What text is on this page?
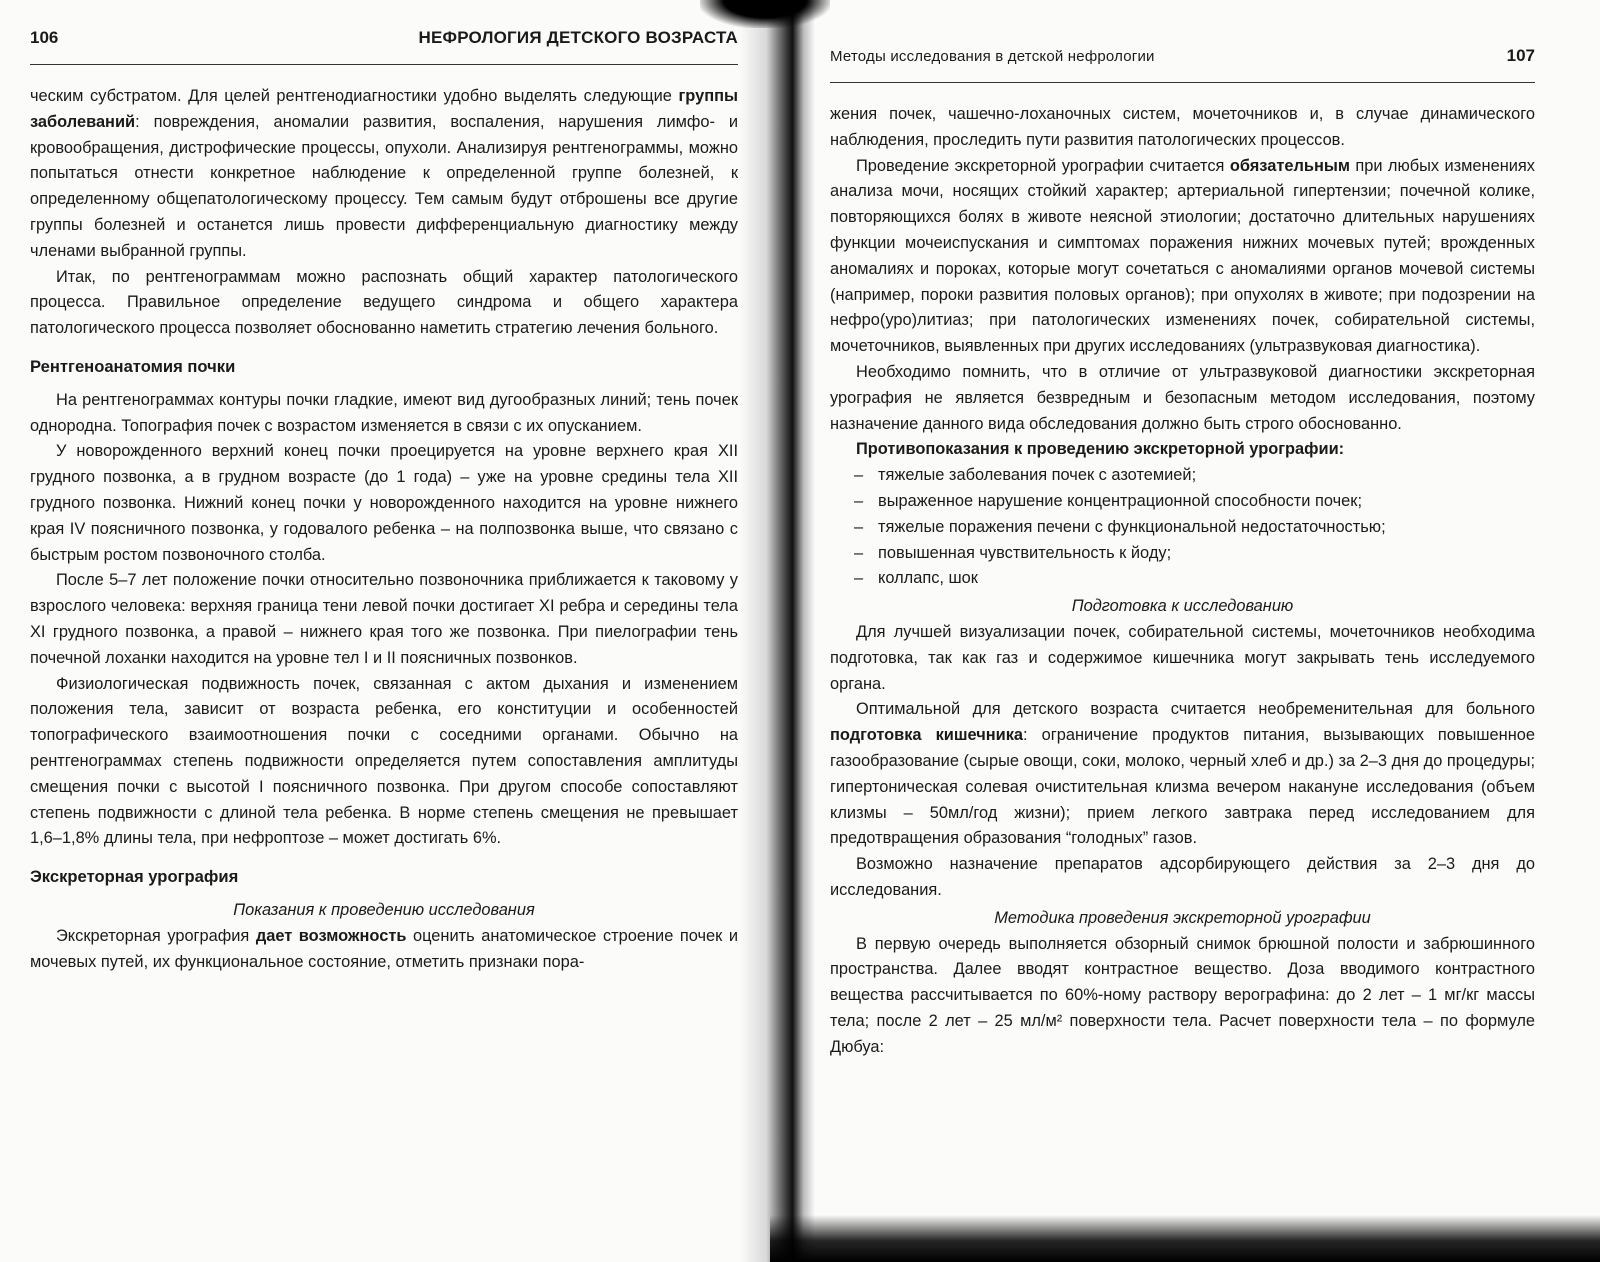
106	НЕФРОЛОГИЯ ДЕТСКОГО ВОЗРАСТА

ческим субстратом. Для целей рентгенодиагностики удобно выделять следующие группы заболеваний: повреждения, аномалии развития, воспаления, нарушения лимфо- и кровообращения, дистрофические процессы, опухоли. Анализируя рентгенограммы, можно попытаться отнести конкретное наблюдение к определенной группе болезней, к определенному общепатологическому процессу. Тем самым будут отброшены все другие группы болезней и останется лишь провести дифференциальную диагностику между членами выбранной группы.

Итак, по рентгенограммам можно распознать общий характер патологического процесса. Правильное определение ведущего синдрома и общего характера патологического процесса позволяет обоснованно наметить стратегию лечения больного.

Рентгеноанатомия почки

На рентгенограммах контуры почки гладкие, имеют вид дугообразных линий; тень почек однородна. Топография почек с возрастом изменяется в связи с их опусканием.

У новорожденного верхний конец почки проецируется на уровне верхнего края XII грудного позвонка, а в грудном возрасте (до 1 года) – уже на уровне средины тела XII грудного позвонка. Нижний конец почки у новорожденного находится на уровне нижнего края IV поясничного позвонка, у годовалого ребенка – на полпозвонка выше, что связано с быстрым ростом позвоночного столба.

После 5–7 лет положение почки относительно позвоночника приближается к таковому у взрослого человека: верхняя граница тени левой почки достигает XI ребра и середины тела XI грудного позвонка, а правой – нижнего края того же позвонка. При пиелографии тень почечной лоханки находится на уровне тел I и II поясничных позвонков.

Физиологическая подвижность почек, связанная с актом дыхания и изменением положения тела, зависит от возраста ребенка, его конституции и особенностей топографического взаимоотношения почки с соседними органами. Обычно на рентгенограммах степень подвижности определяется путем сопоставления амплитуды смещения почки с высотой I поясничного позвонка. При другом способе сопоставляют степень подвижности с длиной тела ребенка. В норме степень смещения не превышает 1,6–1,8% длины тела, при нефроптозе – может достигать 6%.

Экскреторная урография

Показания к проведению исследования

Экскреторная урография дает возможность оценить анатомическое строение почек и мочевых путей, их функциональное состояние, отметить признаки пора-

Методы исследования в детской нефрологии	107

жения почек, чашечно-лоханочных систем, мочеточников и, в случае динамического наблюдения, проследить пути развития патологических процессов.

Проведение экскреторной урографии считается обязательным при любых изменениях анализа мочи, носящих стойкий характер; артериальной гипертензии; почечной колике, повторяющихся болях в животе неясной этиологии; достаточно длительных нарушениях функции мочеиспускания и симптомах поражения нижних мочевых путей; врожденных аномалиях и пороках, которые могут сочетаться с аномалиями органов мочевой системы (например, пороки развития половых органов); при опухолях в животе; при подозрении на нефро(уро)литиаз; при патологических изменениях почек, собирательной системы, мочеточников, выявленных при других исследованиях (ультразвуковая диагностика).

Необходимо помнить, что в отличие от ультразвуковой диагностики экскреторная урография не является безвредным и безопасным методом исследования, поэтому назначение данного вида обследования должно быть строго обоснованно.

Противопоказания к проведению экскреторной урографии:

– тяжелые заболевания почек с азотемией;
– выраженное нарушение концентрационной способности почек;
– тяжелые поражения печени с функциональной недостаточностью;
– повышенная чувствительность к йоду;
– коллапс, шок

Подготовка к исследованию

Для лучшей визуализации почек, собирательной системы, мочеточников необходима подготовка, так как газ и содержимое кишечника могут закрывать тень исследуемого органа.

Оптимальной для детского возраста считается необременительная для больного подготовка кишечника: ограничение продуктов питания, вызывающих повышенное газообразование (сырые овощи, соки, молоко, черный хлеб и др.) за 2–3 дня до процедуры; гипертоническая солевая очистительная клизма вечером накануне исследования (объем клизмы – 50мл/год жизни); прием легкого завтрака перед исследованием для предотвращения образования “голодных” газов.

Возможно назначение препаратов адсорбирующего действия за 2–3 дня до исследования.

Методика проведения экскреторной урографии

В первую очередь выполняется обзорный снимок брюшной полости и забрюшинного пространства. Далее вводят контрастное вещество. Доза вводимого контрастного вещества рассчитывается по 60%-ному раствору верографина: до 2 лет – 1 мг/кг массы тела; после 2 лет – 25 мл/м² поверхности тела. Расчет поверхности тела – по формуле Дюбуа:
